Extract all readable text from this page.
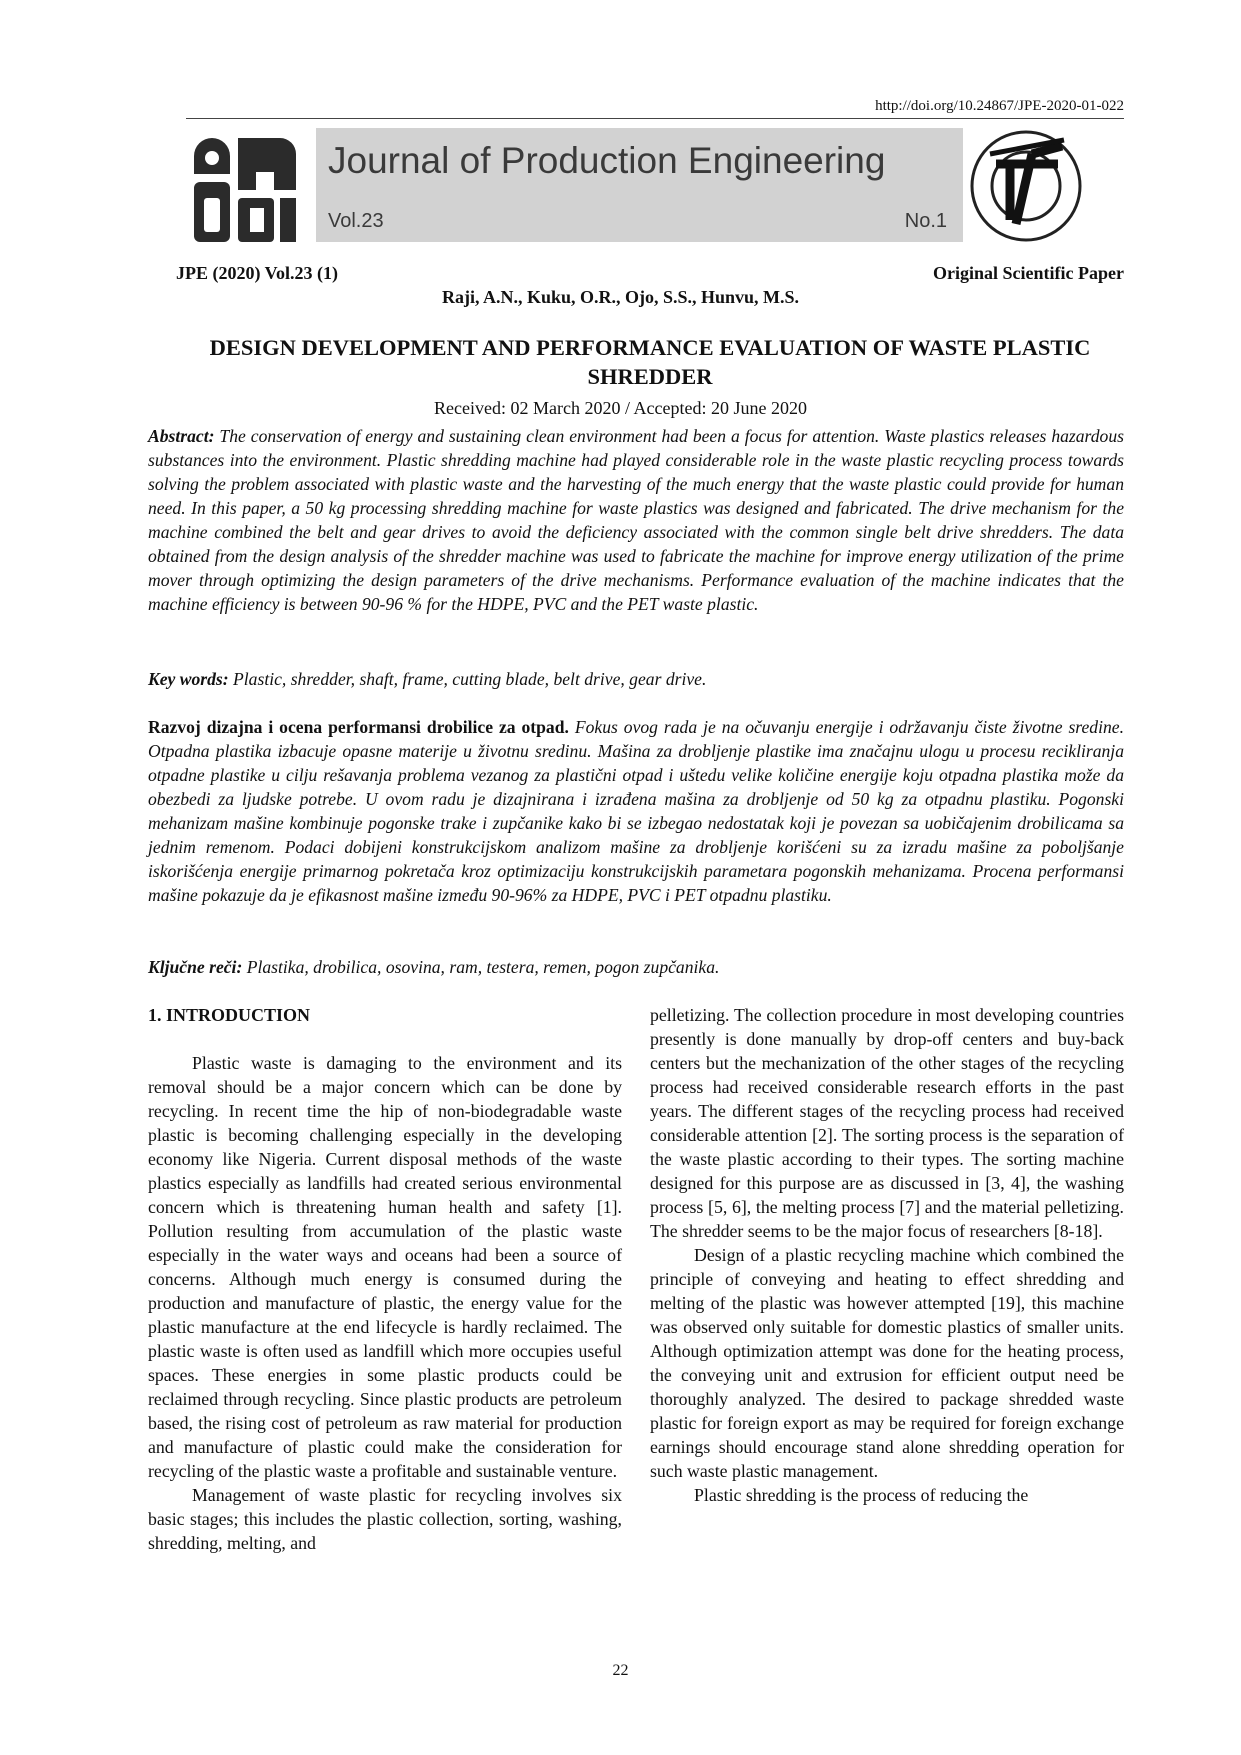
http://doi.org/10.24867/JPE-2020-01-022
Journal of Production Engineering
Vol.23	No.1
JPE (2020) Vol.23 (1)	Original Scientific Paper
Raji, A.N., Kuku, O.R., Ojo, S.S., Hunvu, M.S.
DESIGN DEVELOPMENT AND PERFORMANCE EVALUATION OF WASTE PLASTIC SHREDDER
Received: 02 March 2020 / Accepted: 20 June 2020
Abstract: The conservation of energy and sustaining clean environment had been a focus for attention. Waste plastics releases hazardous substances into the environment. Plastic shredding machine had played considerable role in the waste plastic recycling process towards solving the problem associated with plastic waste and the harvesting of the much energy that the waste plastic could provide for human need. In this paper, a 50 kg processing shredding machine for waste plastics was designed and fabricated. The drive mechanism for the machine combined the belt and gear drives to avoid the deficiency associated with the common single belt drive shredders. The data obtained from the design analysis of the shredder machine was used to fabricate the machine for improve energy utilization of the prime mover through optimizing the design parameters of the drive mechanisms. Performance evaluation of the machine indicates that the machine efficiency is between 90-96 % for the HDPE, PVC and the PET waste plastic.
Key words: Plastic, shredder, shaft, frame, cutting blade, belt drive, gear drive.
Razvoj dizajna i ocena performansi drobilice za otpad. Fokus ovog rada je na očuvanju energije i održavanju čiste životne sredine. Otpadna plastika izbacuje opasne materije u životnu sredinu. Mašina za drobljenje plastike ima značajnu ulogu u procesu recikliranja otpadne plastike u cilju rešavanja problema vezanog za plastični otpad i uštedu velike količine energije koju otpadna plastika može da obezbedi za ljudske potrebe. U ovom radu je dizajnirana i izrađena mašina za drobljenje od 50 kg za otpadnu plastiku. Pogonski mehanizam mašine kombinuje pogonske trake i zupčanike kako bi se izbegao nedostatak koji je povezan sa uobičajenim drobilicama sa jednim remenom. Podaci dobijeni konstrukcijskom analizom mašine za drobljenje korišćeni su za izradu mašine za poboljšanje iskorišćenja energije primarnog pokretača kroz optimizaciju konstrukcijskih parametara pogonskih mehanizama. Procena performansi mašine pokazuje da je efikasnost mašine između 90-96% za HDPE, PVC i PET otpadnu plastiku.
Ključne reči: Plastika, drobilica, osovina, ram, testera, remen, pogon zupčanika.
1. INTRODUCTION

Plastic waste is damaging to the environment and its removal should be a major concern which can be done by recycling. In recent time the hip of non-biodegradable waste plastic is becoming challenging especially in the developing economy like Nigeria. Current disposal methods of the waste plastics especially as landfills had created serious environmental concern which is threatening human health and safety [1]. Pollution resulting from accumulation of the plastic waste especially in the water ways and oceans had been a source of concerns. Although much energy is consumed during the production and manufacture of plastic, the energy value for the plastic manufacture at the end lifecycle is hardly reclaimed. The plastic waste is often used as landfill which more occupies useful spaces. These energies in some plastic products could be reclaimed through recycling. Since plastic products are petroleum based, the rising cost of petroleum as raw material for production and manufacture of plastic could make the consideration for recycling of the plastic waste a profitable and sustainable venture.

Management of waste plastic for recycling involves six basic stages; this includes the plastic collection, sorting, washing, shredding, melting, and

pelletizing. The collection procedure in most developing countries presently is done manually by drop-off centers and buy-back centers but the mechanization of the other stages of the recycling process had received considerable research efforts in the past years. The different stages of the recycling process had received considerable attention [2]. The sorting process is the separation of the waste plastic according to their types. The sorting machine designed for this purpose are as discussed in [3, 4], the washing process [5, 6], the melting process [7] and the material pelletizing. The shredder seems to be the major focus of researchers [8-18].

Design of a plastic recycling machine which combined the principle of conveying and heating to effect shredding and melting of the plastic was however attempted [19], this machine was observed only suitable for domestic plastics of smaller units. Although optimization attempt was done for the heating process, the conveying unit and extrusion for efficient output need be thoroughly analyzed. The desired to package shredded waste plastic for foreign export as may be required for foreign exchange earnings should encourage stand alone shredding operation for such waste plastic management.

Plastic shredding is the process of reducing the

22
